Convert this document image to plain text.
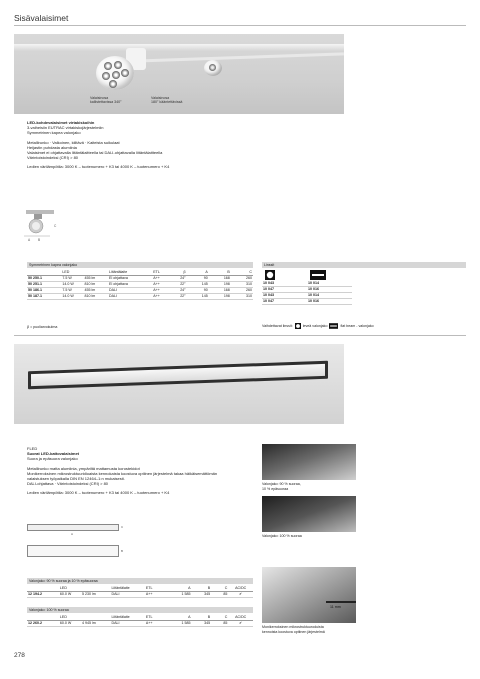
Sisävalaisimet
Valaisinosa
kallistettavissa 340°
Valaisinosa
180° kääntettävissä
LED-kohdevalaisimet virtakiskoihin
3-vaiheisiin EUTRAC virtakiskojärjestelmiin
Symmetrinen kapea valonjako
Metallirunko · Valkoinen, kiiltävä · Kaiteista suikulaat
Heijastin puhdasta alumiinia
Valaisimet ei ohjattavalla liitäntälaitteella tai DALI-ohjattavalla liitäntälaitteella
Värintoistoindeksi (CRI) > 80
Ledien värilämpötila: 3000 K – tuotenumero + K3 tai 4000 K – tuotenumero + K4
A B
C
Symmetrinen kapea valonjako
	LED		Liitäntälaite	ETL	β	A	B	C
50 250.1	7.5 W	455 lm	El ohjattava	A++	24°	90	168	260
50 251.1	14.0 W	810 lm	El ohjattava	A++	22°	145	198	310
50 186.1	7.5 W	455 lm	DALI	A++	24°	90	168	260
50 187.1	14.0 W	810 lm	DALI	A++	22°	145	198	310
Linssit
10 043	10 014
10 047	10 016
10 043	10 014
10 047	10 016
β = puoliarvokulma	Vaihdettavat linssit:	leveä valonjako	flat beam - valonjako
FLED
Suorat LED-kattovalaisimet
Suora ja epäsuora valonjako
Metallirunko matta alumiinia, ympäriltä mattamusta korostekidot
Monikerroksinen mikrostruktuuridioaista kennokaista koostuva optiinen järjestelmä takaa häikäisemättömän
valaistuksen työpaikalla DIN EN 12464–1:n mukaisesti.
DALI-ohjattava · Värintoistoindeksi (CRI) > 80
Ledien värilämpötila: 3000 K – tuotenumero + K3 tai 4000 K – tuotenumero + K4
Valonjako: 90 % suoraa,
10 % epäsuoraa
Valonjako: 100 % suoraa
11 mm
Monikerroksinen mikrostruktuuroduista
kennoista koostuva optiinen järjestelmä
C
A
B
Valonjako: 90 % suoraa ja 10 % epäsuoraa
	LED		Liitäntälaite	ETL	A	B	C	AC/DC
12 194.2	60.0 W	5 230 lm	DALI	A++	1 585	345	85	✔
Valonjako: 100 % suoraa
	LED		Liitäntälaite	ETL	A	B	C	AC/DC
12 260.2	60.0 W	4 945 lm	DALI	A++	1 585	345	85	✔
278
